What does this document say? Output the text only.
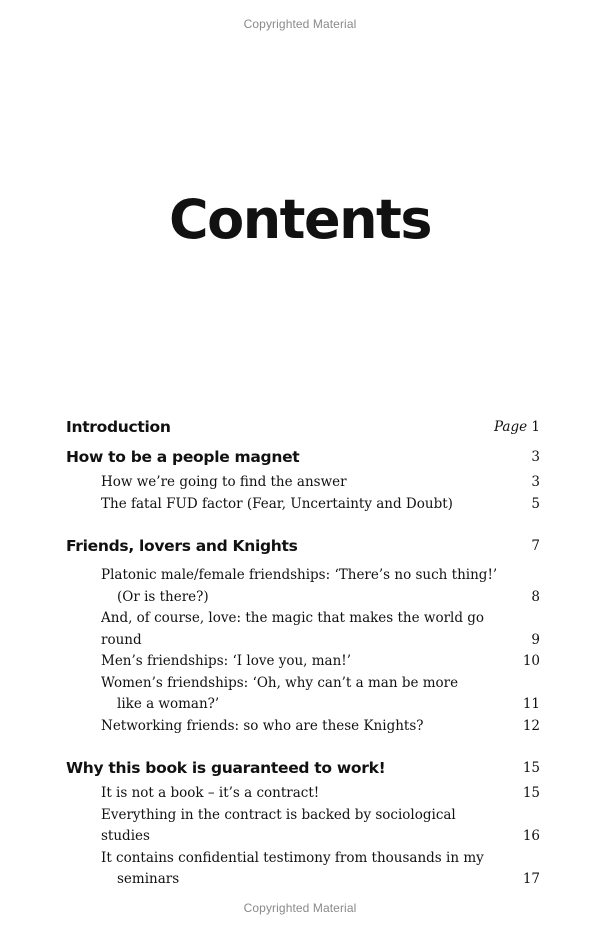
Copyrighted Material
Contents
Introduction	Page 1
How to be a people magnet	3
How we’re going to find the answer	3
The fatal FUD factor (Fear, Uncertainty and Doubt)	5
Friends, lovers and Knights	7
Platonic male/female friendships: ‘There’s no such thing!’
(Or is there?)	8
And, of course, love: the magic that makes the world go round	9
Men’s friendships: ‘I love you, man!’	10
Women’s friendships: ‘Oh, why can’t a man be more
like a woman?’	11
Networking friends: so who are these Knights?	12
Why this book is guaranteed to work!	15
It is not a book – it’s a contract!	15
Everything in the contract is backed by sociological studies	16
It contains confidential testimony from thousands in my
seminars	17
Copyrighted Material
